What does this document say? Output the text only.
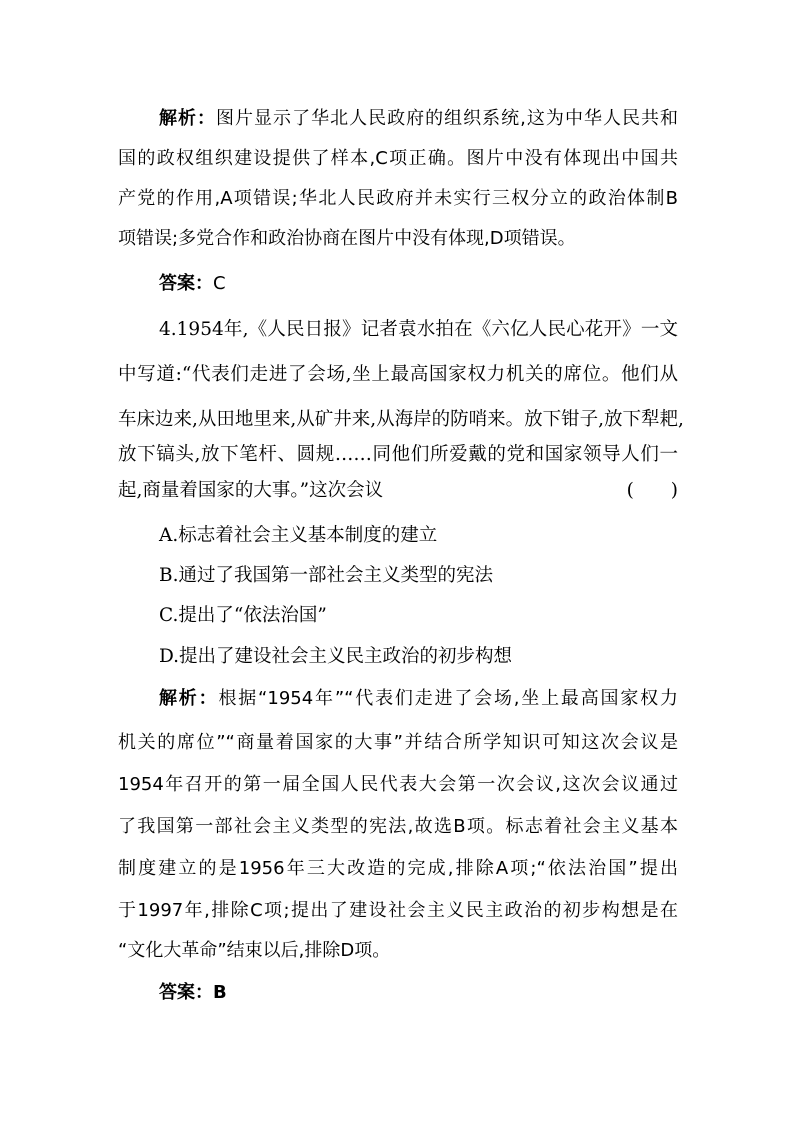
解析：图片显示了华北人民政府的组织系统,这为中华人民共和
国的政权组织建设提供了样本,C项正确。图片中没有体现出中国共
产党的作用,A项错误;华北人民政府并未实行三权分立的政治体制B
项错误;多党合作和政治协商在图片中没有体现,D项错误。
答案：C
4.1954年,《人民日报》记者袁水拍在《六亿人民心花开》一文
中写道:“代表们走进了会场,坐上最高国家权力机关的席位。他们从
车床边来,从田地里来,从矿井来,从海岸的防哨来。放下钳子,放下犁耙,
放下镐头,放下笔杆、圆规……同他们所爱戴的党和国家领导人们一
起,商量着国家的大事。”这次会议	(　　)
A.标志着社会主义基本制度的建立
B.通过了我国第一部社会主义类型的宪法
C.提出了“依法治国”
D.提出了建设社会主义民主政治的初步构想
解析：根据“1954年”“代表们走进了会场,坐上最高国家权力
机关的席位”“商量着国家的大事”并结合所学知识可知这次会议是
1954年召开的第一届全国人民代表大会第一次会议,这次会议通过
了我国第一部社会主义类型的宪法,故选B项。标志着社会主义基本
制度建立的是1956年三大改造的完成,排除A项;“依法治国”提出
于1997年,排除C项;提出了建设社会主义民主政治的初步构想是在
“文化大革命”结束以后,排除D项。
答案：B
